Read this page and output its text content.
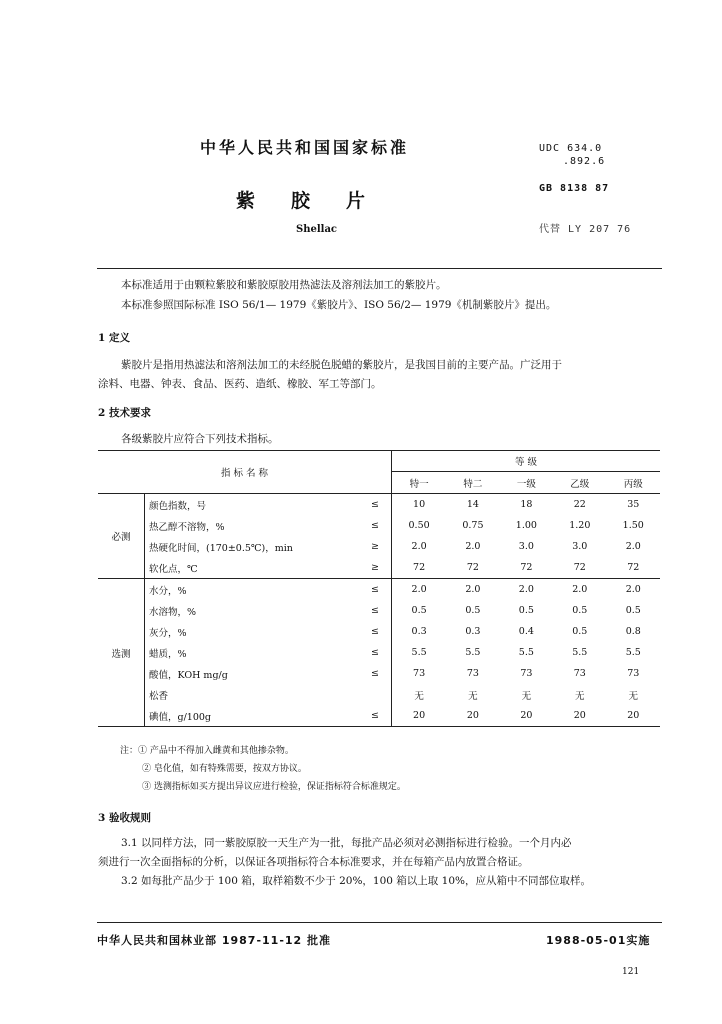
中华人民共和国国家标准
紫胶片
Shellac
UDC 634.0
.892.6
GB 8138 87
代替 LY 207 76
本标准适用于由颗粒紫胶和紫胶原胶用热滤法及溶剂法加工的紫胶片。
本标准参照国际标准 ISO 56/1— 1979《紫胶片》、ISO 56/2— 1979《机制紫胶片》提出。
1 定义
紫胶片是指用热滤法和溶剂法加工的未经脱色脱蜡的紫胶片，是我国目前的主要产品。广泛用于
涂料、电器、钟表、食品、医药、造纸、橡胶、军工等部门。
2 技术要求
各级紫胶片应符合下列技术指标。
指 标 名 称			等 级				
			特一	特二	一级	乙级	丙级
必测	颜色指数，号	≤	10	14	18	22	35
	热乙醇不溶物，%	≤	0.50	0.75	1.00	1.20	1.50
	热硬化时间，(170±0.5℃)，min	≥	2.0	2.0	3.0	3.0	2.0
	软化点，℃	≥	72	72	72	72	72
选测	水分，%	≤	2.0	2.0	2.0	2.0	2.0
	水溶物，%	≤	0.5	0.5	0.5	0.5	0.5
	灰分，%	≤	0.3	0.3	0.4	0.5	0.8
	蜡质，%	≤	5.5	5.5	5.5	5.5	5.5
	酸值，KOH mg/g	≤	73	73	73	73	73
	松香		无	无	无	无	无
	碘值，g/100g	≤	20	20	20	20	20
注：① 产品中不得加入雌黄和其他掺杂物。
② 皂化值，如有特殊需要，按双方协议。
③ 选测指标如买方提出异议应进行检验，保证指标符合标准规定。
3 验收规则
3.1 以同样方法，同一紫胶原胶一天生产为一批，每批产品必须对必测指标进行检验。一个月内必
须进行一次全面指标的分析，以保证各项指标符合本标准要求，并在每箱产品内放置合格证。
3.2 如每批产品少于 100 箱，取样箱数不少于 20%，100 箱以上取 10%，应从箱中不同部位取样。
中华人民共和国林业部 1987-11-12 批准	1988-05-01实施
121
